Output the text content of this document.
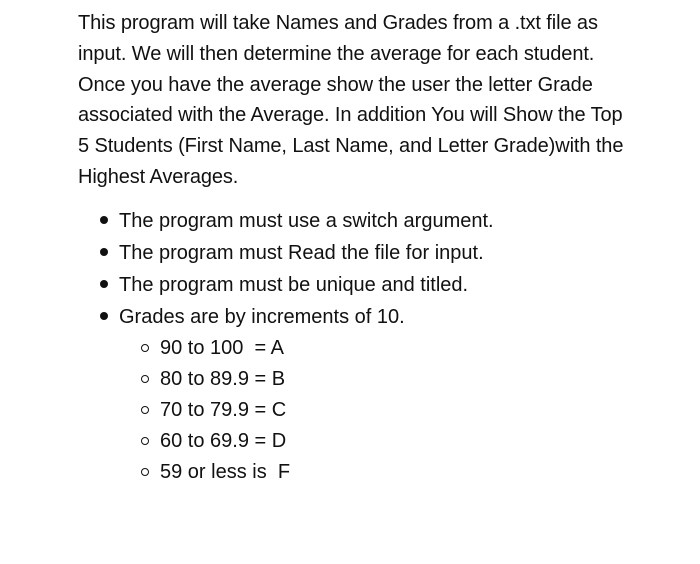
This program will take Names and Grades from a .txt file as input. We will then determine the average for each student. Once you have the average show the user the letter Grade associated with the Average. In addition You will Show the Top 5 Students (First Name, Last Name, and Letter Grade)with the Highest Averages.

The program must use a switch argument.
The program must Read the file for input.
The program must be unique and titled.
Grades are by increments of 10.
90 to 100  = A
80 to 89.9 = B
70 to 79.9 = C
60 to 69.9 = D
59 or less is  F
